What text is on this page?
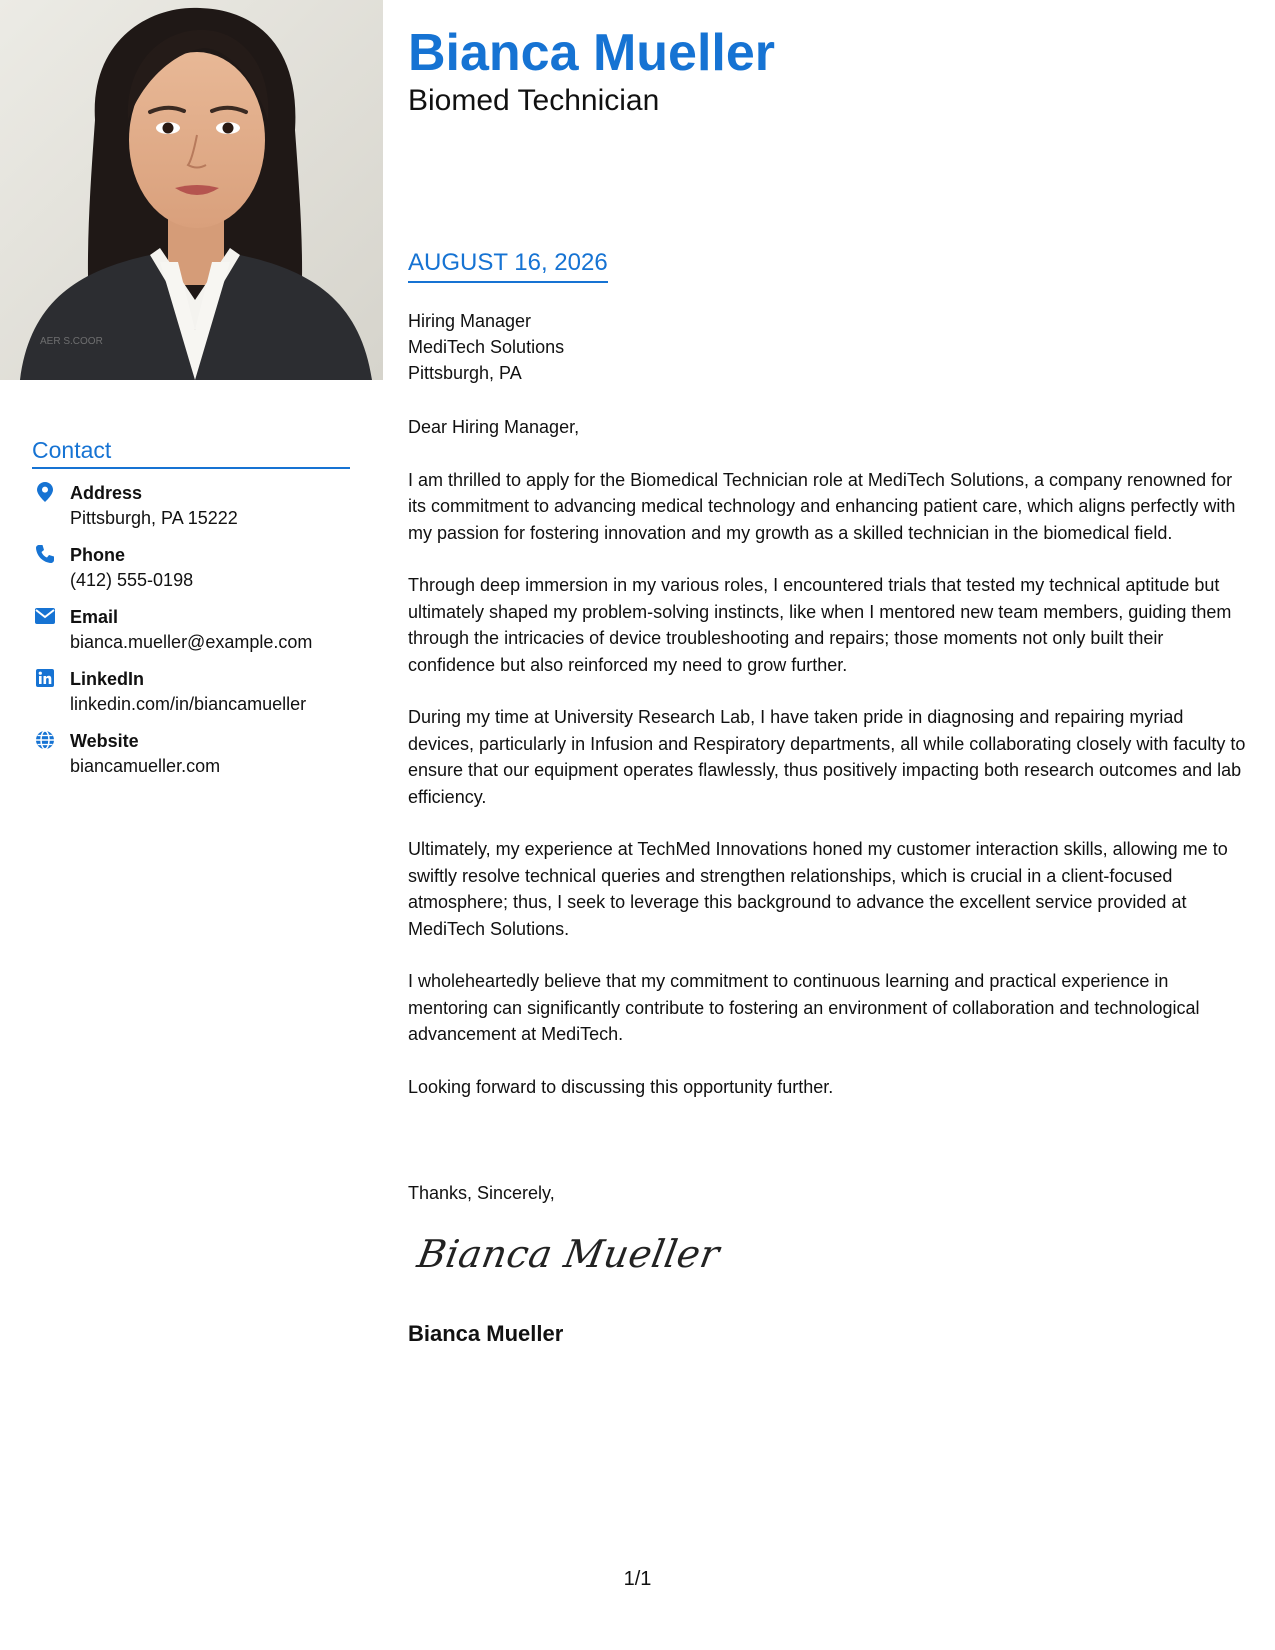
AER S.COOR
Contact
Address
Pittsburgh, PA 15222
Phone
(412) 555-0198
Email
bianca.mueller@example.com
LinkedIn
linkedin.com/in/biancamueller
Website
biancamueller.com
Bianca Mueller
Biomed Technician
AUGUST 16, 2026
Hiring Manager
MediTech Solutions
Pittsburgh, PA

Dear Hiring Manager,

I am thrilled to apply for the Biomedical Technician role at MediTech Solutions, a company renowned for its commitment to advancing medical technology and enhancing patient care, which aligns perfectly with my passion for fostering innovation and my growth as a skilled technician in the biomedical field.

Through deep immersion in my various roles, I encountered trials that tested my technical aptitude but ultimately shaped my problem-solving instincts, like when I mentored new team members, guiding them through the intricacies of device troubleshooting and repairs; those moments not only built their confidence but also reinforced my need to grow further.

During my time at University Research Lab, I have taken pride in diagnosing and repairing myriad devices, particularly in Infusion and Respiratory departments, all while collaborating closely with faculty to ensure that our equipment operates flawlessly, thus positively impacting both research outcomes and lab efficiency.

Ultimately, my experience at TechMed Innovations honed my customer interaction skills, allowing me to swiftly resolve technical queries and strengthen relationships, which is crucial in a client-focused atmosphere; thus, I seek to leverage this background to advance the excellent service provided at MediTech Solutions.

I wholeheartedly believe that my commitment to continuous learning and practical experience in mentoring can significantly contribute to fostering an environment of collaboration and technological advancement at MediTech.

Looking forward to discussing this opportunity further.

Thanks, Sincerely,
Bianca Mueller
Bianca Mueller
1/1
